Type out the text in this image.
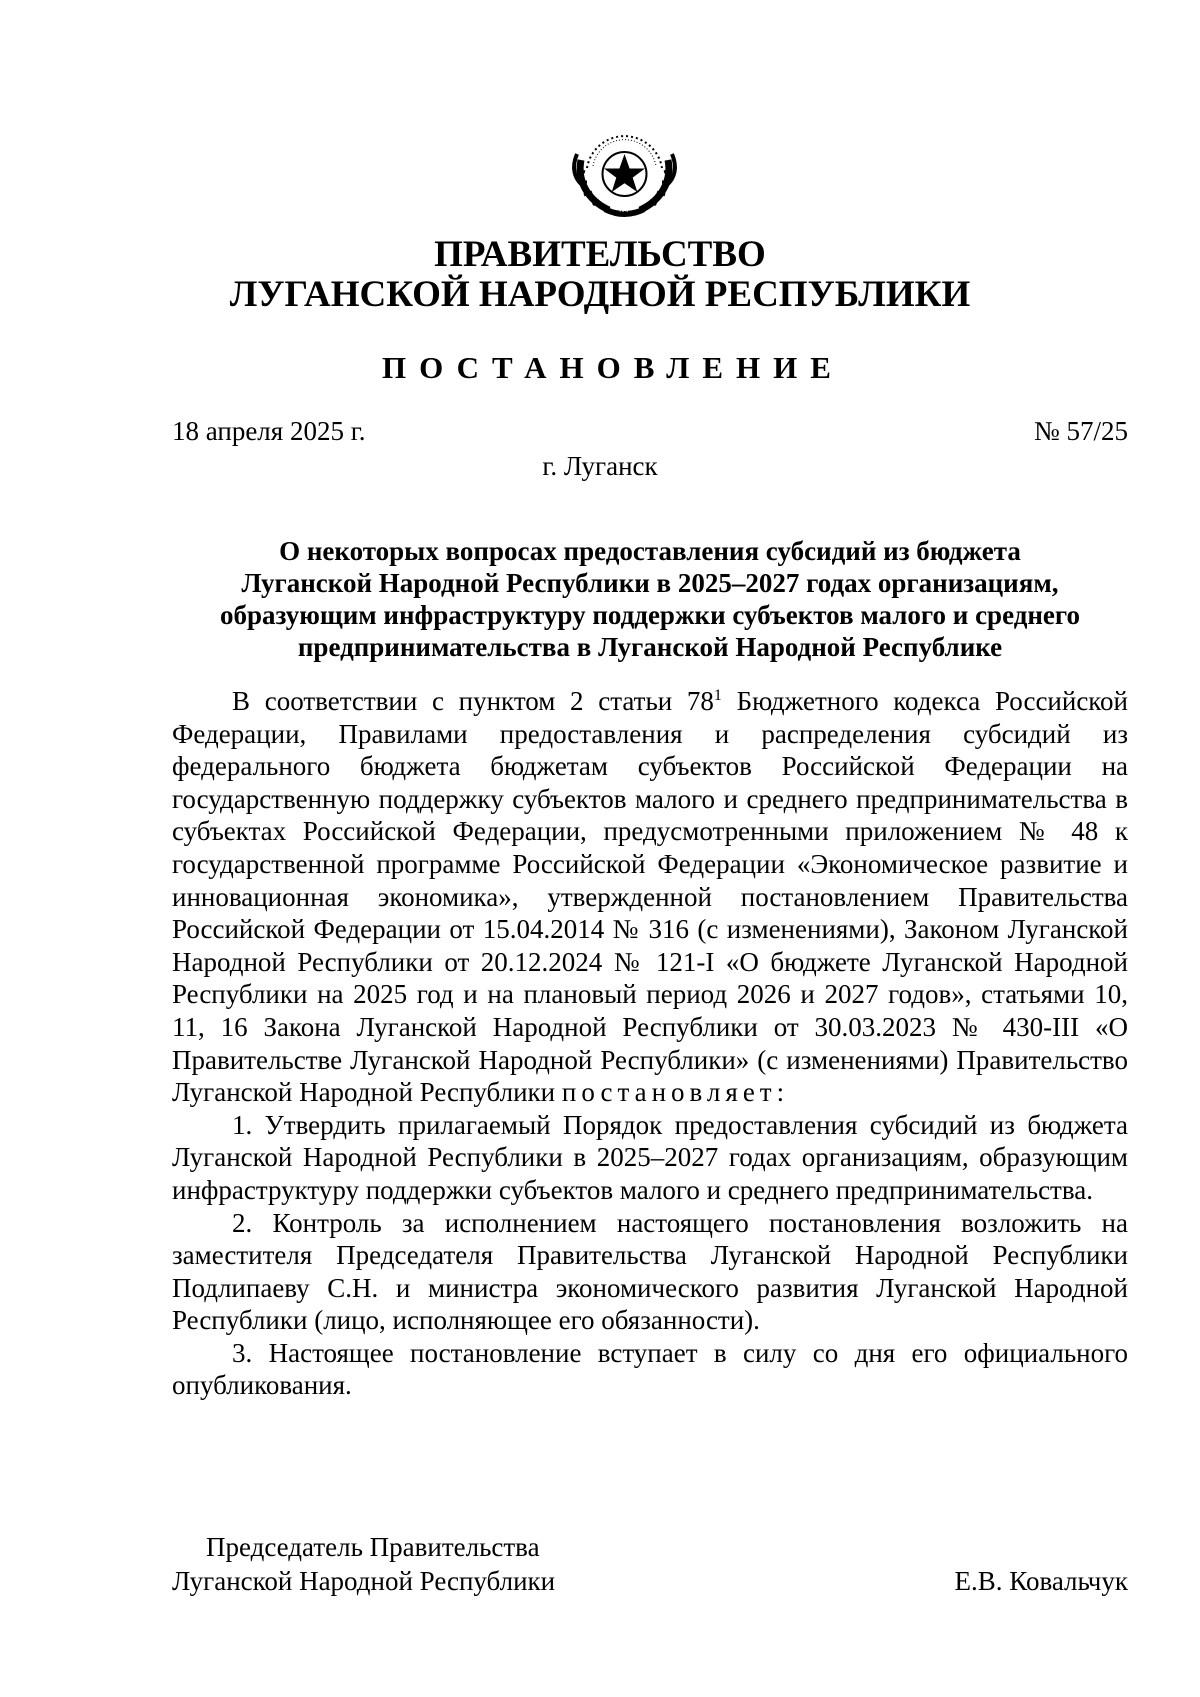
ЛНР
ПРАВИТЕЛЬСТВО
ЛУГАНСКОЙ НАРОДНОЙ РЕСПУБЛИКИ
ПОСТАНОВЛЕНИЕ
18 апреля 2025 г.	№ 57/25
г. Луганск
О некоторых вопросах предоставления субсидий из бюджета
Луганской Народной Республики в 2025–2027 годах организациям,
образующим инфраструктуру поддержки субъектов малого и среднего
предпринимательства в Луганской Народной Республике

В соответствии с пунктом 2 статьи 78$^1$ Бюджетного кодекса Российской Федерации, Правилами предоставления и распределения субсидий из федерального бюджета бюджетам субъектов Российской Федерации на государственную поддержку субъектов малого и среднего предпринимательства в субъектах Российской Федерации, предусмотренными приложением № 48 к государственной программе Российской Федерации «Экономическое развитие и инновационная экономика», утвержденной постановлением Правительства Российской Федерации от 15.04.2014 № 316 (с изменениями), Законом Луганской Народной Республики от 20.12.2024 № 121-I «О бюджете Луганской Народной Республики на 2025 год и на плановый период 2026 и 2027 годов», статьями 10, 11, 16 Закона Луганской Народной Республики от 30.03.2023 № 430-III «О Правительстве Луганской Народной Республики» (с изменениями) Правительство Луганской Народной Республики постановляет:

1. Утвердить прилагаемый Порядок предоставления субсидий из бюджета Луганской Народной Республики в 2025–2027 годах организациям, образующим инфраструктуру поддержки субъектов малого и среднего предпринимательства.

2. Контроль за исполнением настоящего постановления возложить на заместителя Председателя Правительства Луганской Народной Республики Подлипаеву С.Н. и министра экономического развития Луганской Народной Республики (лицо, исполняющее его обязанности).

3. Настоящее постановление вступает в силу со дня его официального опубликования.

Председатель Правительства
Луганской Народной Республики	Е.В. Ковальчук
